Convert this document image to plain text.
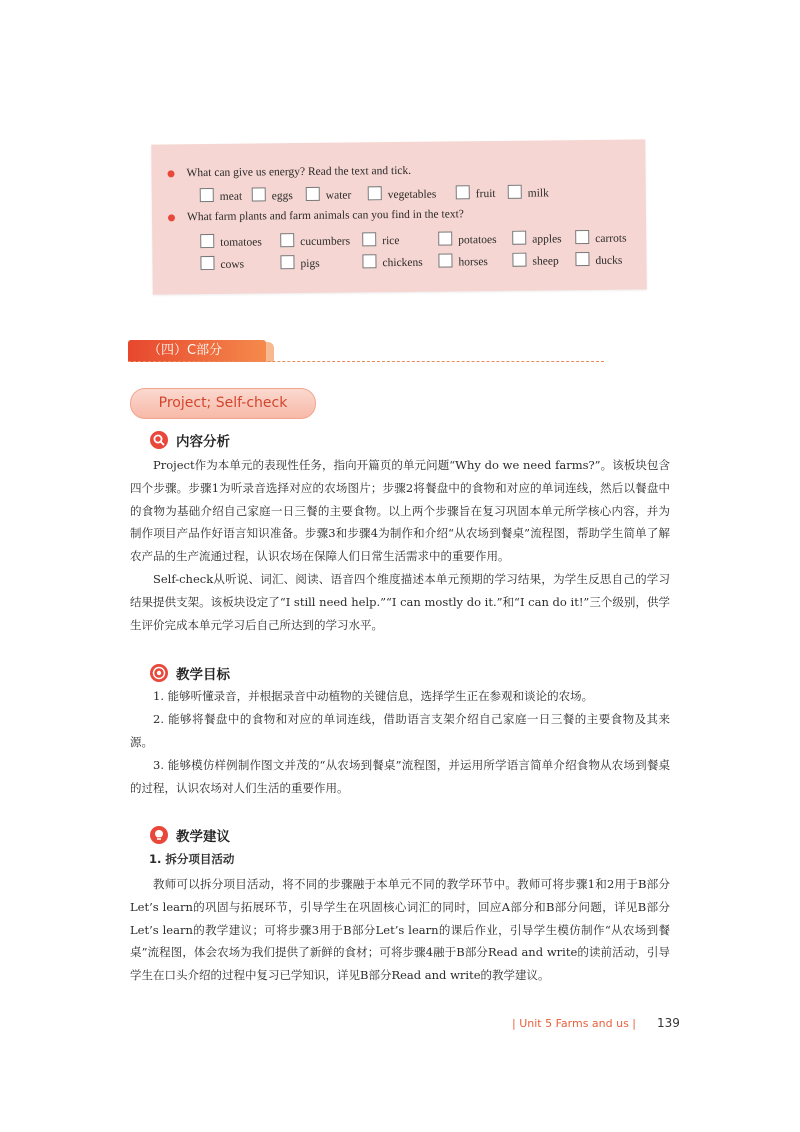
What can give us energy? Read the text and tick.
meat	eggs	water	vegetables	fruit	milk
What farm plants and farm animals can you find in the text?
tomatoes	cucumbers	rice	potatoes	apples	carrots
cows	pigs	chickens	horses	sheep	ducks
（四）C部分
Project; Self-check
内容分析
Project作为本单元的表现性任务，指向开篇页的单元问题“Why do we need farms?”。该板块包含四个步骤。步骤1为听录音选择对应的农场图片；步骤2将餐盘中的食物和对应的单词连线，然后以餐盘中的食物为基础介绍自己家庭一日三餐的主要食物。以上两个步骤旨在复习巩固本单元所学核心内容，并为制作项目产品作好语言知识准备。步骤3和步骤4为制作和介绍“从农场到餐桌”流程图，帮助学生简单了解农产品的生产流通过程，认识农场在保障人们日常生活需求中的重要作用。
Self-check从听说、词汇、阅读、语音四个维度描述本单元预期的学习结果，为学生反思自己的学习结果提供支架。该板块设定了“I still need help.”“I can mostly do it.”和“I can do it!”三个级别，供学生评价完成本单元学习后自己所达到的学习水平。
教学目标
1. 能够听懂录音，并根据录音中动植物的关键信息，选择学生正在参观和谈论的农场。
2. 能够将餐盘中的食物和对应的单词连线，借助语言支架介绍自己家庭一日三餐的主要食物及其来源。
3. 能够模仿样例制作图文并茂的“从农场到餐桌”流程图，并运用所学语言简单介绍食物从农场到餐桌的过程，认识农场对人们生活的重要作用。
教学建议
1. 拆分项目活动
教师可以拆分项目活动，将不同的步骤融于本单元不同的教学环节中。教师可将步骤1和2用于B部分Let’s learn的巩固与拓展环节，引导学生在巩固核心词汇的同时，回应A部分和B部分问题，详见B部分Let’s learn的教学建议；可将步骤3用于B部分Let’s learn的课后作业，引导学生模仿制作“从农场到餐桌”流程图，体会农场为我们提供了新鲜的食材；可将步骤4融于B部分Read and write的读前活动，引导学生在口头介绍的过程中复习已学知识，详见B部分Read and write的教学建议。
| Unit 5 Farms and us | 139
